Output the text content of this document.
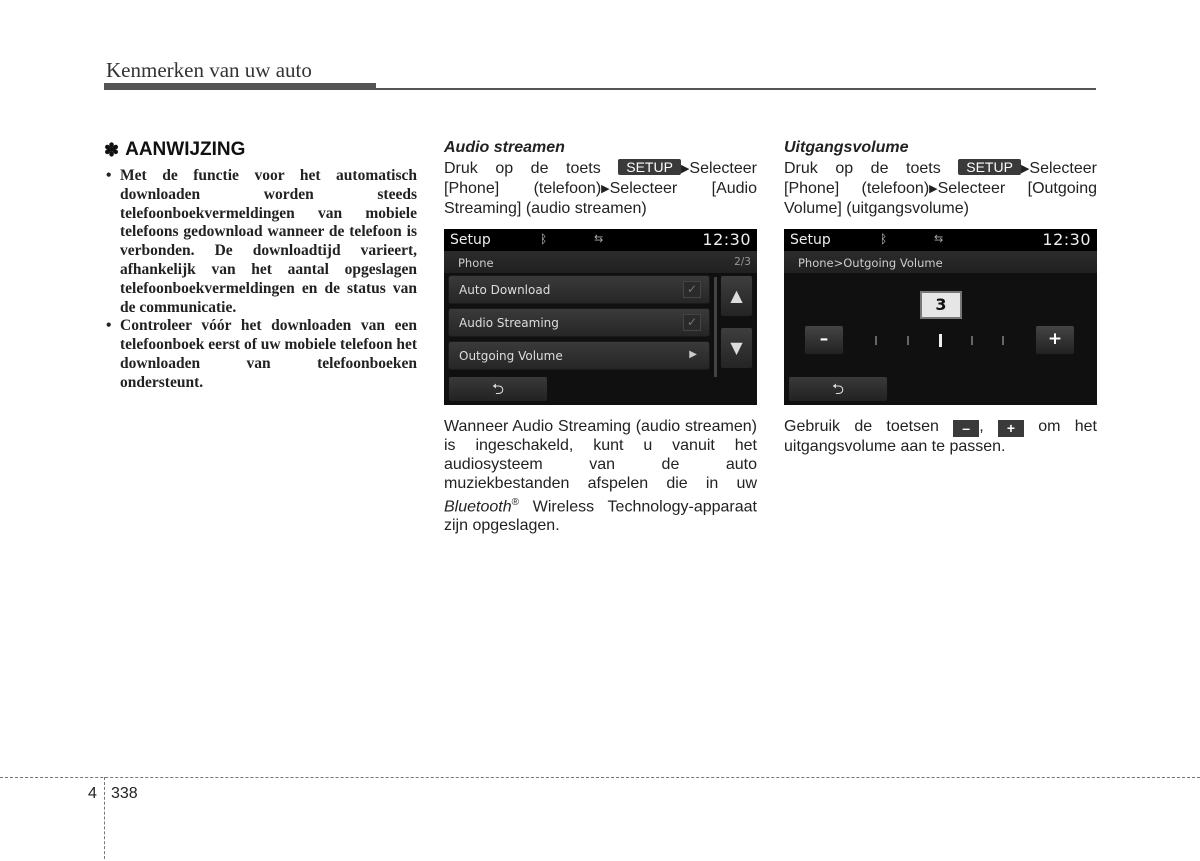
Kenmerken van uw auto
✽ AANWIJZING
• Met de functie voor het automatisch downloaden worden steeds telefoonboekvermeldingen van mobiele telefoons gedownload wanneer de telefoon is verbonden. De downloadtijd varieert, afhankelijk van het aantal opgeslagen telefoonboekvermeldingen en de status van de communicatie.
• Controleer vóór het downloaden van een telefoonboek eerst of uw mobiele telefoon het downloaden van telefoonboeken ondersteunt.
Audio streamen
Druk op de toets SETUP ▶Selecteer [Phone] (telefoon)▶Selecteer [Audio Streaming] (audio streamen)
Setup	ᛒ	⇆	12:30
Phone	2/3
Auto Download	✓
Audio Streaming	✓
Outgoing Volume	▶
▲
▼
⮌
Wanneer Audio Streaming (audio streamen) is ingeschakeld, kunt u vanuit het audiosysteem van de auto muziekbestanden afspelen die in uw Bluetooth® Wireless Technology-apparaat zijn opgeslagen.
Uitgangsvolume
Druk op de toets SETUP ▶Selecteer [Phone] (telefoon)▶Selecteer [Outgoing Volume] (uitgangsvolume)
Setup	ᛒ	⇆	12:30
Phone>Outgoing Volume
3
–	+
⮌
Gebruik de toetsen – , + om het uitgangsvolume aan te passen.
4 338
